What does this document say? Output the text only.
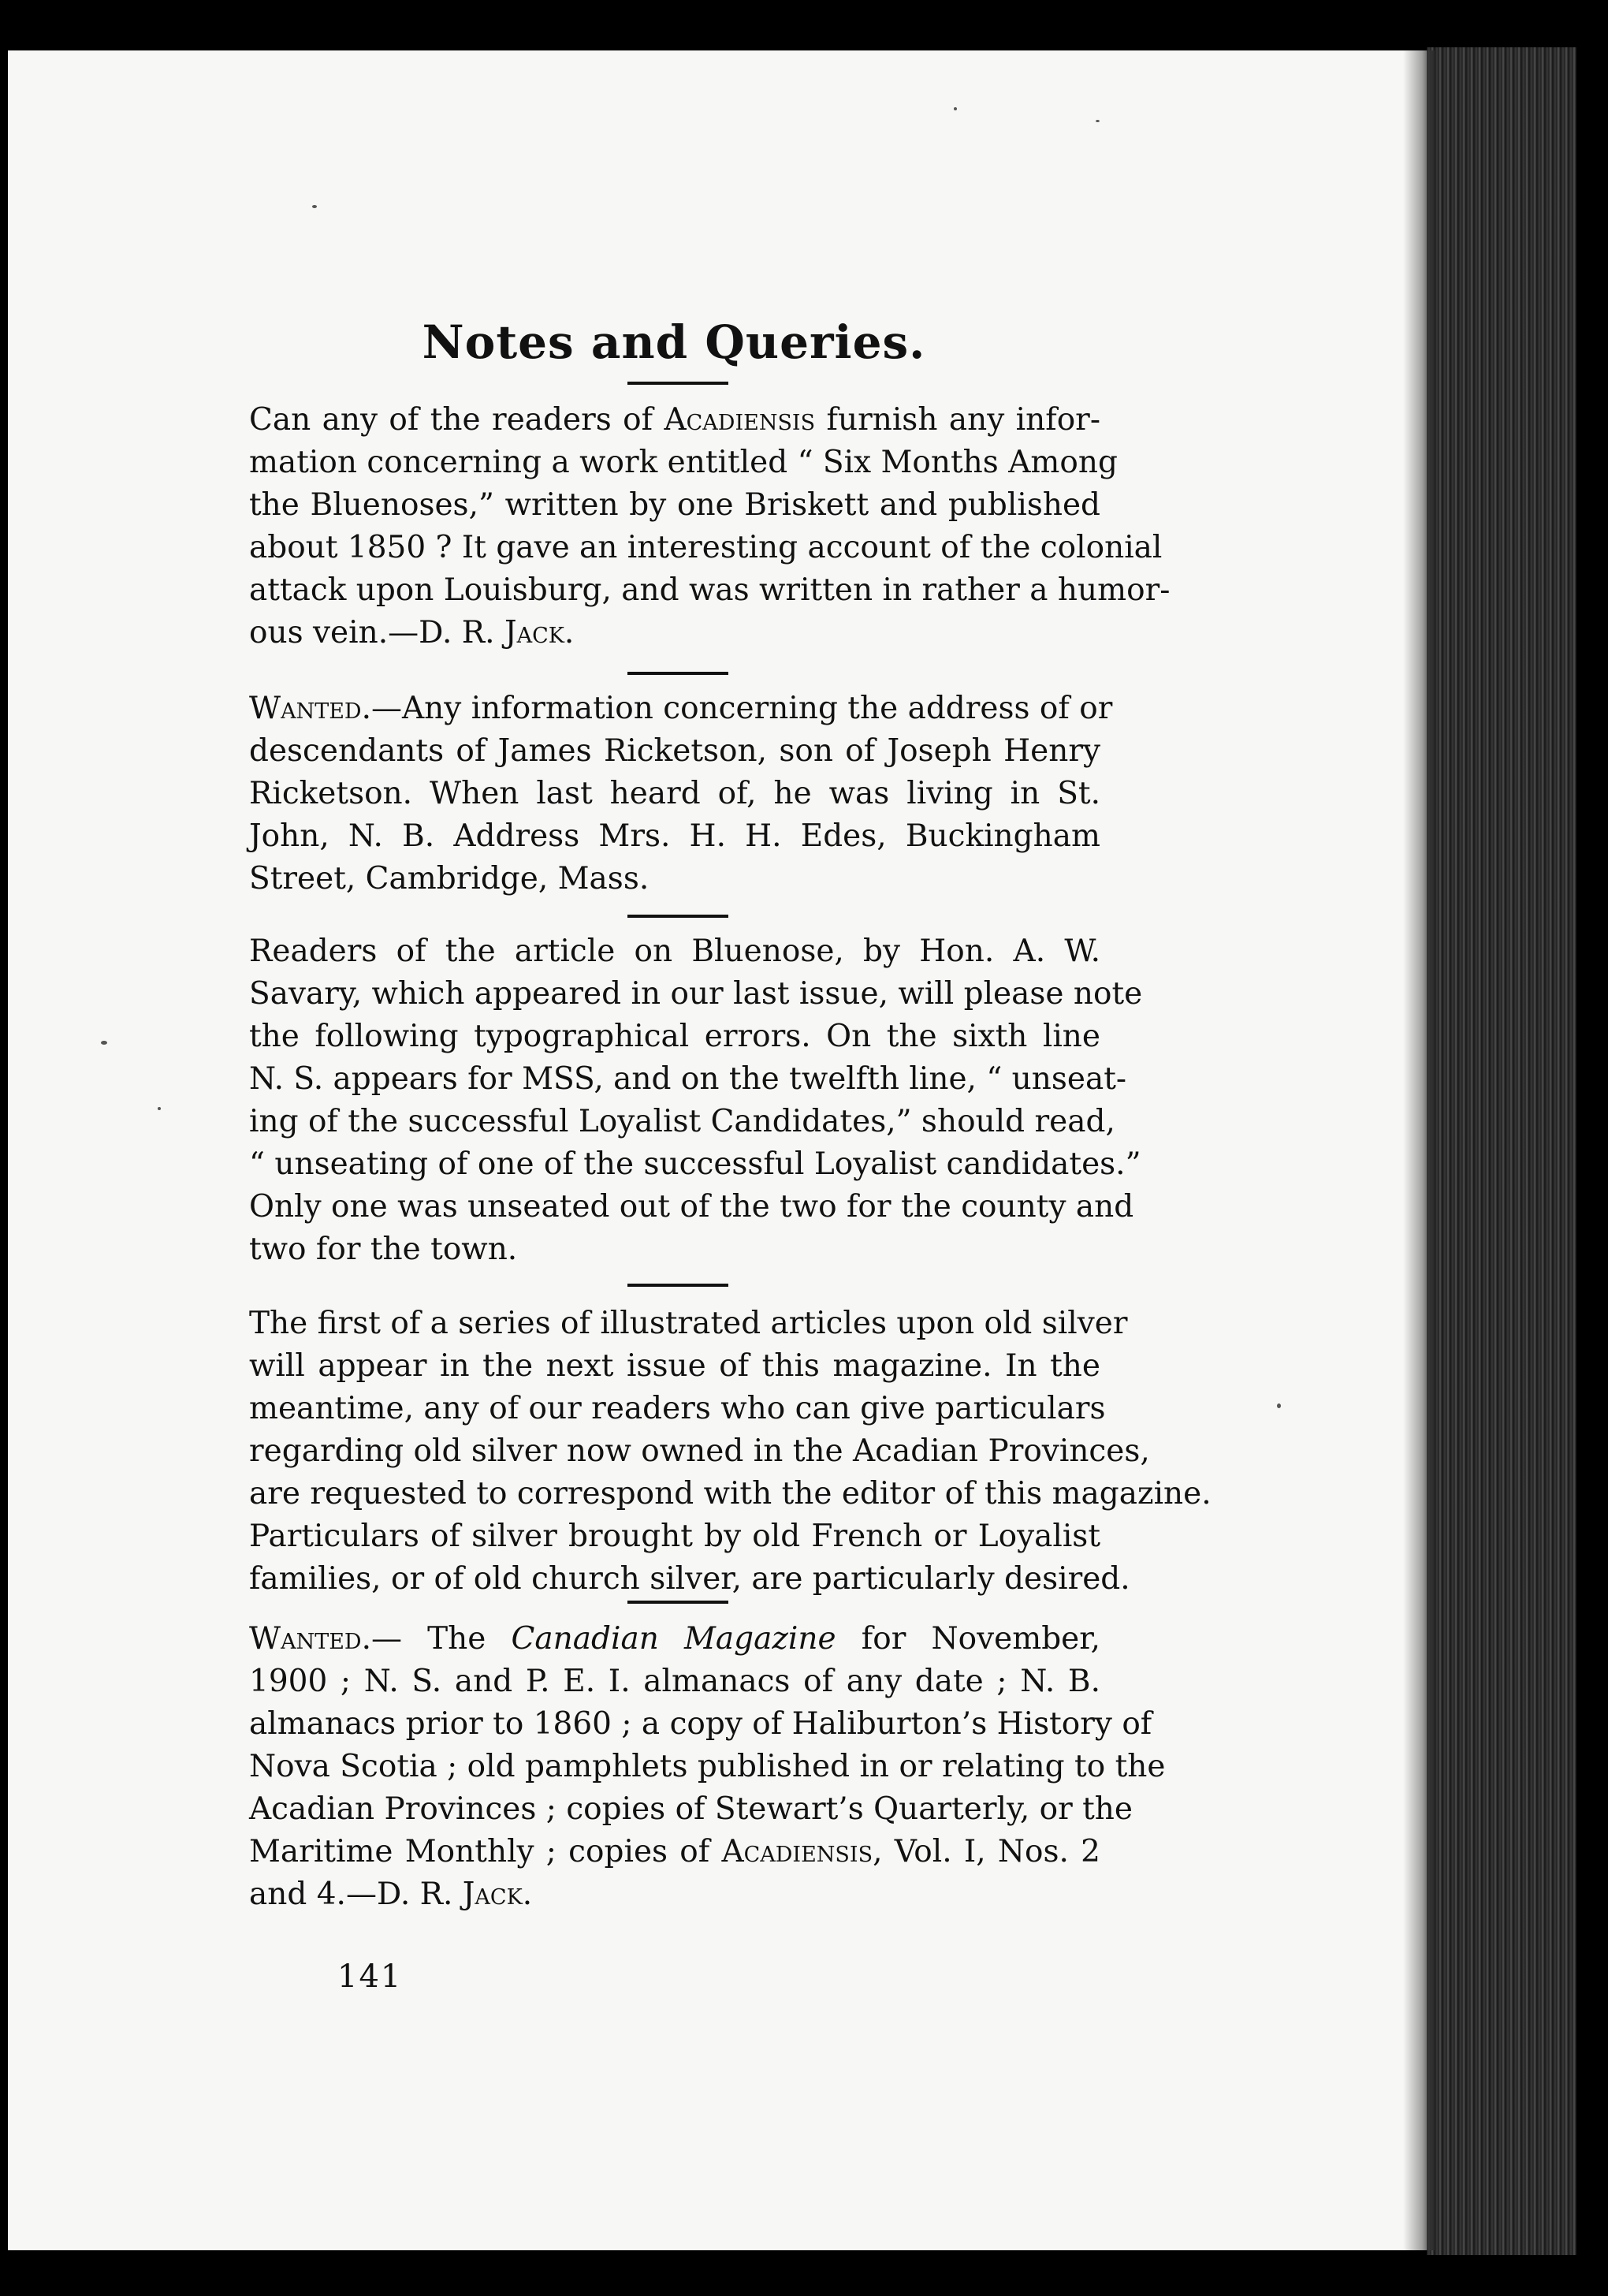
Notes and Queries.
Can any of the readers of Acadiensis furnish any infor-
mation concerning a work entitled “ Six Months Among
the Bluenoses,” written by one Briskett and published
about 1850 ? It gave an interesting account of the colonial
attack upon Louisburg, and was written in rather a humor-
ous vein.—D. R. Jack.
Wanted.—Any information concerning the address of or
descendants of James Ricketson, son of Joseph Henry
Ricketson. When last heard of, he was living in St.
John, N. B. Address Mrs. H. H. Edes, Buckingham
Street, Cambridge, Mass.
Readers of the article on Bluenose, by Hon. A. W.
Savary, which appeared in our last issue, will please note
the following typographical errors. On the sixth line
N. S. appears for MSS, and on the twelfth line, “ unseat-
ing of the successful Loyalist Candidates,” should read,
“ unseating of one of the successful Loyalist candidates.”
Only one was unseated out of the two for the county and
two for the town.
The first of a series of illustrated articles upon old silver
will appear in the next issue of this magazine. In the
meantime, any of our readers who can give particulars
regarding old silver now owned in the Acadian Provinces,
are requested to correspond with the editor of this magazine.
Particulars of silver brought by old French or Loyalist
families, or of old church silver, are particularly desired.
Wanted.— The Canadian Magazine for November,
1900 ; N. S. and P. E. I. almanacs of any date ; N. B.
almanacs prior to 1860 ; a copy of Haliburton’s History of
Nova Scotia ; old pamphlets published in or relating to the
Acadian Provinces ; copies of Stewart’s Quarterly, or the
Maritime Monthly ; copies of Acadiensis, Vol. I, Nos. 2
and 4.—D. R. Jack.
141
